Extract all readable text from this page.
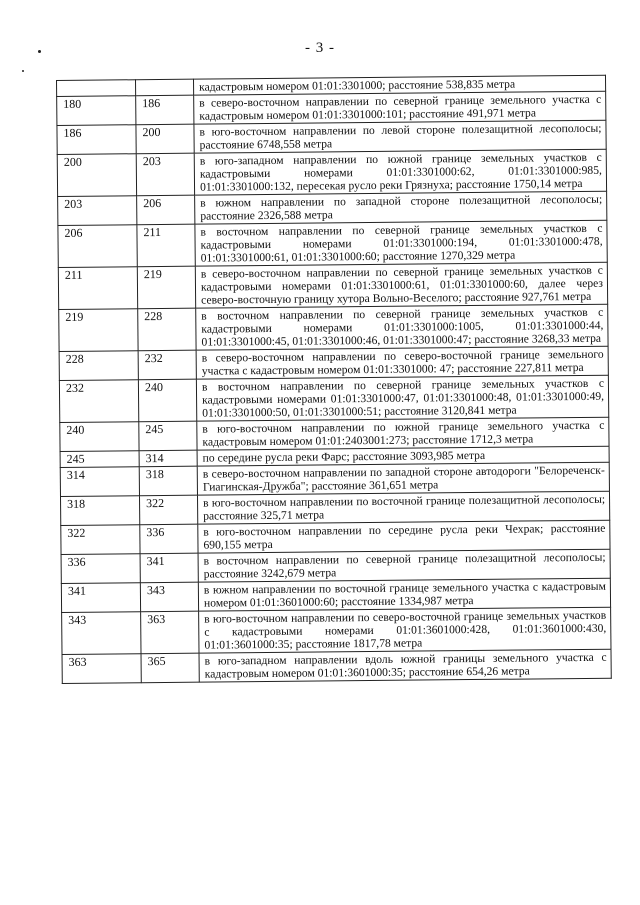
- 3 -
		кадастровым номером 01:01:3301000; расстояние 538,835 метра
180	186	в северо-восточном направлении по северной границе земельного участка с кадастровым номером 01:01:3301000:101; расстояние 491,971 метра
186	200	в юго-восточном направлении по левой стороне полезащитной лесополосы; расстояние 6748,558 метра
200	203	в юго-западном направлении по южной границе земельных участков с кадастровыми номерами 01:01:3301000:62, 01:01:3301000:985, 01:01:3301000:132, пересекая русло реки Грязнуха; расстояние 1750,14 метра
203	206	в южном направлении по западной стороне полезащитной лесополосы; расстояние 2326,588 метра
206	211	в восточном направлении по северной границе земельных участков с кадастровыми номерами 01:01:3301000:194, 01:01:3301000:478, 01:01:3301000:61, 01:01:3301000:60; расстояние 1270,329 метра
211	219	в северо-восточном направлении по северной границе земельных участков с кадастровыми номерами 01:01:3301000:61, 01:01:3301000:60, далее через северо-восточную границу хутора Вольно-Веселого; расстояние 927,761 метра
219	228	в восточном направлении по северной границе земельных участков с кадастровыми номерами 01:01:3301000:1005, 01:01:3301000:44, 01:01:3301000:45, 01:01:3301000:46, 01:01:3301000:47; расстояние 3268,33 метра
228	232	в северо-восточном направлении по северо-восточной границе земельного участка с кадастровым номером 01:01:3301000: 47; расстояние 227,811 метра
232	240	в восточном направлении по северной границе земельных участков с кадастровыми номерами 01:01:3301000:47, 01:01:3301000:48, 01:01:3301000:49, 01:01:3301000:50, 01:01:3301000:51; расстояние 3120,841 метра
240	245	в юго-восточном направлении по южной границе земельного участка с кадастровым номером 01:01:2403001:273; расстояние 1712,3 метра
245	314	по середине русла реки Фарс; расстояние 3093,985 метра
314	318	в северо-восточном направлении по западной стороне автодороги "Белореченск-Гиагинская-Дружба"; расстояние 361,651 метра
318	322	в юго-восточном направлении по восточной границе полезащитной лесополосы; расстояние 325,71 метра
322	336	в юго-восточном направлении по середине русла реки Чехрак; расстояние 690,155 метра
336	341	в восточном направлении по северной границе полезащитной лесополосы; расстояние 3242,679 метра
341	343	в южном направлении по восточной границе земельного участка с кадастровым номером 01:01:3601000:60; расстояние 1334,987 метра
343	363	в юго-восточном направлении по северо-восточной границе земельных участков с кадастровыми номерами 01:01:3601000:428, 01:01:3601000:430, 01:01:3601000:35; расстояние 1817,78 метра
363	365	в юго-западном направлении вдоль южной границы земельного участка с кадастровым номером 01:01:3601000:35; расстояние 654,26 метра
